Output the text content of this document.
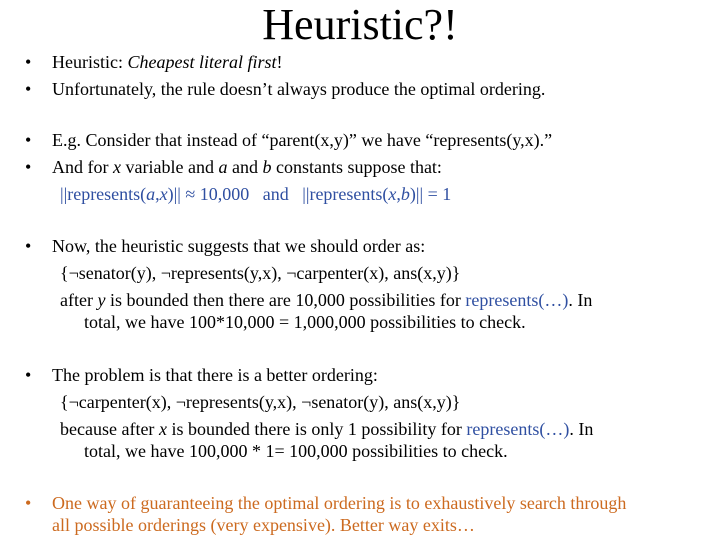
Heuristic?!
• Heuristic: Cheapest literal first!
• Unfortunately, the rule doesn’t always produce the optimal ordering.
• E.g. Consider that instead of “parent(x,y)” we have “represents(y,x).”
• And for x variable and a and b constants suppose that:
||represents(a,x)|| ≈ 10,000   and   ||represents(x,b)|| = 1
• Now, the heuristic suggests that we should order as:
{¬senator(y), ¬represents(y,x), ¬carpenter(x), ans(x,y)}
after y is bounded then there are 10,000 possibilities for represents(…). In
total, we have 100*10,000 = 1,000,000 possibilities to check.
• The problem is that there is a better ordering:
{¬carpenter(x), ¬represents(y,x), ¬senator(y), ans(x,y)}
because after x is bounded there is only 1 possibility for represents(…). In
total, we have 100,000 * 1= 100,000 possibilities to check.
• One way of guaranteeing the optimal ordering is to exhaustively search through
all possible orderings (very expensive). Better way exits…
